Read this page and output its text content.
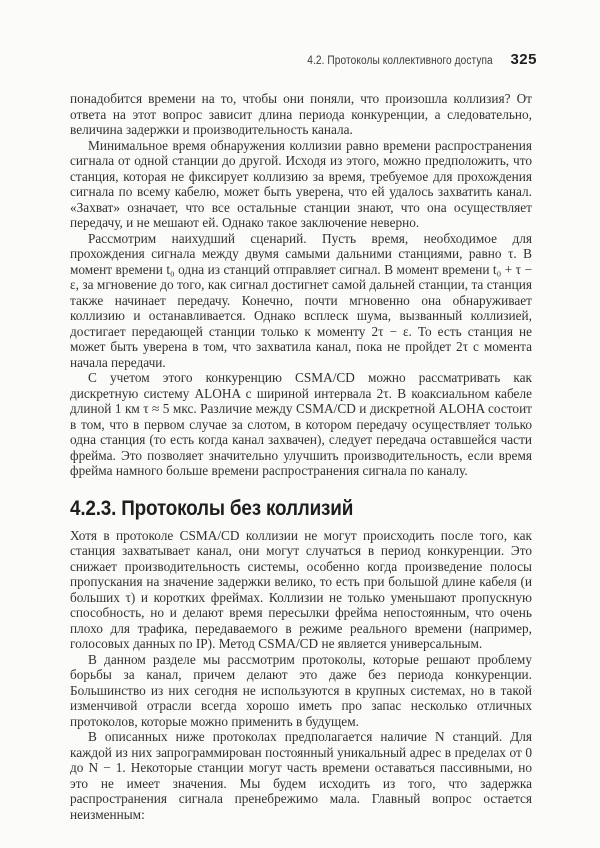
4.2. Протоколы коллективного доступа 325

понадобится времени на то, чтобы они поняли, что произошла коллизия? От ответа на этот вопрос зависит длина периода конкуренции, а следовательно, величина задержки и производительность канала.

Минимальное время обнаружения коллизии равно времени распространения сигнала от одной станции до другой. Исходя из этого, можно предположить, что станция, которая не фиксирует коллизию за время, требуемое для прохождения сигнала по всему кабелю, может быть уверена, что ей удалось захватить канал. «Захват» означает, что все остальные станции знают, что она осуществляет передачу, и не мешают ей. Однако такое заключение неверно.

Рассмотрим наихудший сценарий. Пусть время, необходимое для прохождения сигнала между двумя самыми дальними станциями, равно τ. В момент времени t₀ одна из станций отправляет сигнал. В момент времени t₀ + τ − ε, за мгновение до того, как сигнал достигнет самой дальней станции, та станция также начинает передачу. Конечно, почти мгновенно она обнаруживает коллизию и останавливается. Однако всплеск шума, вызванный коллизией, достигает передающей станции только к моменту 2τ − ε. То есть станция не может быть уверена в том, что захватила канал, пока не пройдет 2τ с момента начала передачи.

С учетом этого конкуренцию CSMA/CD можно рассматривать как дискретную систему ALOHA с шириной интервала 2τ. В коаксиальном кабеле длиной 1 км τ ≈ 5 мкс. Различие между CSMA/CD и дискретной ALOHA состоит в том, что в первом случае за слотом, в котором передачу осуществляет только одна станция (то есть когда канал захвачен), следует передача оставшейся части фрейма. Это позволяет значительно улучшить производительность, если время фрейма намного больше времени распространения сигнала по каналу.

4.2.3. Протоколы без коллизий

Хотя в протоколе CSMA/CD коллизии не могут происходить после того, как станция захватывает канал, они могут случаться в период конкуренции. Это снижает производительность системы, особенно когда произведение полосы пропускания на значение задержки велико, то есть при большой длине кабеля (и больших τ) и коротких фреймах. Коллизии не только уменьшают пропускную способность, но и делают время пересылки фрейма непостоянным, что очень плохо для трафика, передаваемого в режиме реального времени (например, голосовых данных по IP). Метод CSMA/CD не является универсальным.

В данном разделе мы рассмотрим протоколы, которые решают проблему борьбы за канал, причем делают это даже без периода конкуренции. Большинство из них сегодня не используются в крупных системах, но в такой изменчивой отрасли всегда хорошо иметь про запас несколько отличных протоколов, которые можно применить в будущем.

В описанных ниже протоколах предполагается наличие N станций. Для каждой из них запрограммирован постоянный уникальный адрес в пределах от 0 до N − 1. Некоторые станции могут часть времени оставаться пассивными, но это не имеет значения. Мы будем исходить из того, что задержка распространения сигнала пренебрежимо мала. Главный вопрос остается неизменным:
